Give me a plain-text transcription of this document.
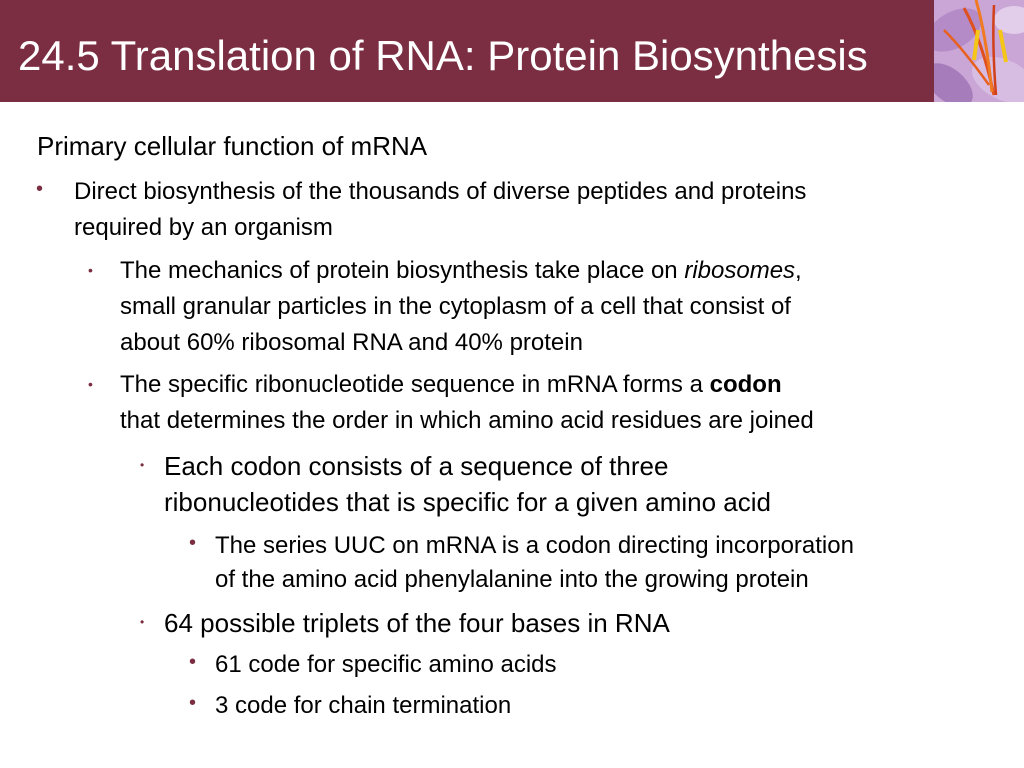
24.5 Translation of RNA: Protein Biosynthesis
Primary cellular function of mRNA
• Direct biosynthesis of the thousands of diverse peptides and proteins
required by an organism
• The mechanics of protein biosynthesis take place on ribosomes,
small granular particles in the cytoplasm of a cell that consist of
about 60% ribosomal RNA and 40% protein
• The specific ribonucleotide sequence in mRNA forms a codon
that determines the order in which amino acid residues are joined
• Each codon consists of a sequence of three
ribonucleotides that is specific for a given amino acid
• The series UUC on mRNA is a codon directing incorporation
of the amino acid phenylalanine into the growing protein
• 64 possible triplets of the four bases in RNA
• 61 code for specific amino acids
• 3 code for chain termination
